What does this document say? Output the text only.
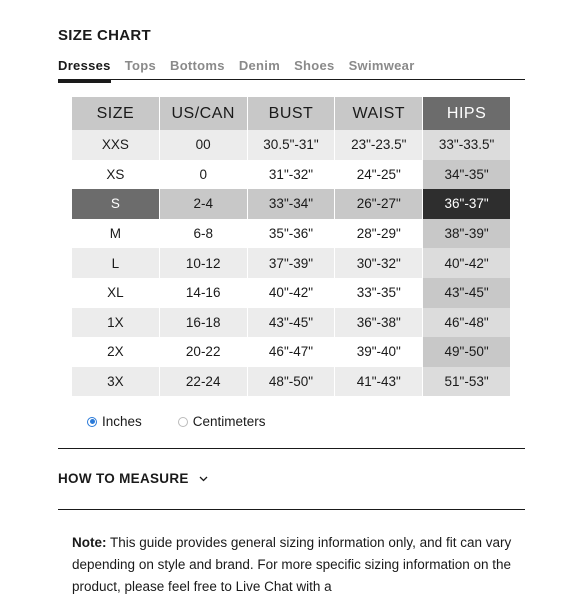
SIZE CHART
Dresses Tops Bottoms Denim Shoes Swimwear
SIZE	US/CAN	BUST	WAIST	HIPS
XXS	00	30.5"-31"	23"-23.5"	33"-33.5"
XS	0	31"-32"	24"-25"	34"-35"
S	2-4	33"-34"	26"-27"	36"-37"
M	6-8	35"-36"	28"-29"	38"-39"
L	10-12	37"-39"	30"-32"	40"-42"
XL	14-16	40"-42"	33"-35"	43"-45"
1X	16-18	43"-45"	36"-38"	46"-48"
2X	20-22	46"-47"	39"-40"	49"-50"
3X	22-24	48"-50"	41"-43"	51"-53"
Inches	Centimeters
HOW TO MEASURE
Note: This guide provides general sizing information only, and fit can vary depending on style and brand. For more specific sizing information on the product, please feel free to Live Chat with a
